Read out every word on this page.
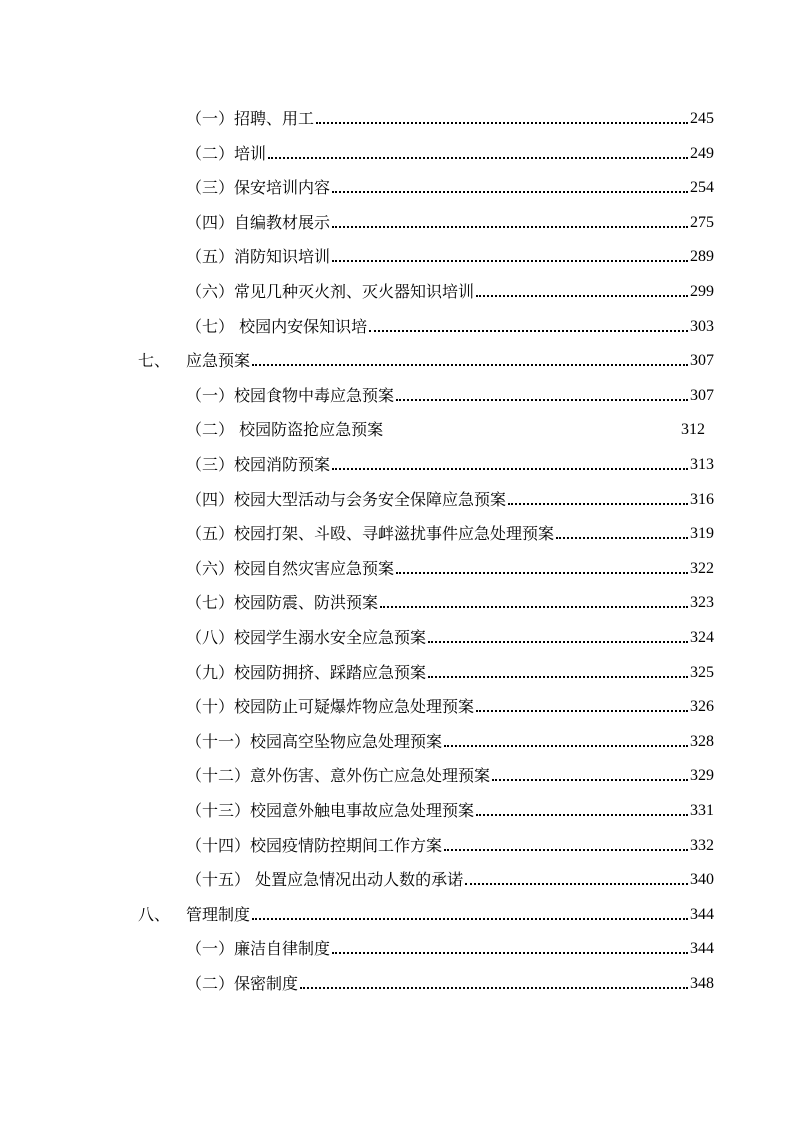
（一）招聘、用工	245
（二）培训	249
（三）保安培训内容	254
（四）自编教材展示	275
（五）消防知识培训	289
（六）常见几种灭火剂、灭火器知识培训	299
（七） 校园内安保知识培	303
七、 应急预案	307
（一）校园食物中毒应急预案	307
（二） 校园防盗抢应急预案	312
（三）校园消防预案	313
（四）校园大型活动与会务安全保障应急预案	316
（五）校园打架、斗殴、寻衅滋扰事件应急处理预案	319
（六）校园自然灾害应急预案	322
（七）校园防震、防洪预案	323
（八）校园学生溺水安全应急预案	324
（九）校园防拥挤、踩踏应急预案	325
（十）校园防止可疑爆炸物应急处理预案	326
（十一）校园高空坠物应急处理预案	328
（十二）意外伤害、意外伤亡应急处理预案	329
（十三）校园意外触电事故应急处理预案	331
（十四）校园疫情防控期间工作方案	332
（十五） 处置应急情况出动人数的承诺	340
八、 管理制度	344
（一）廉洁自律制度	344
（二）保密制度	348
